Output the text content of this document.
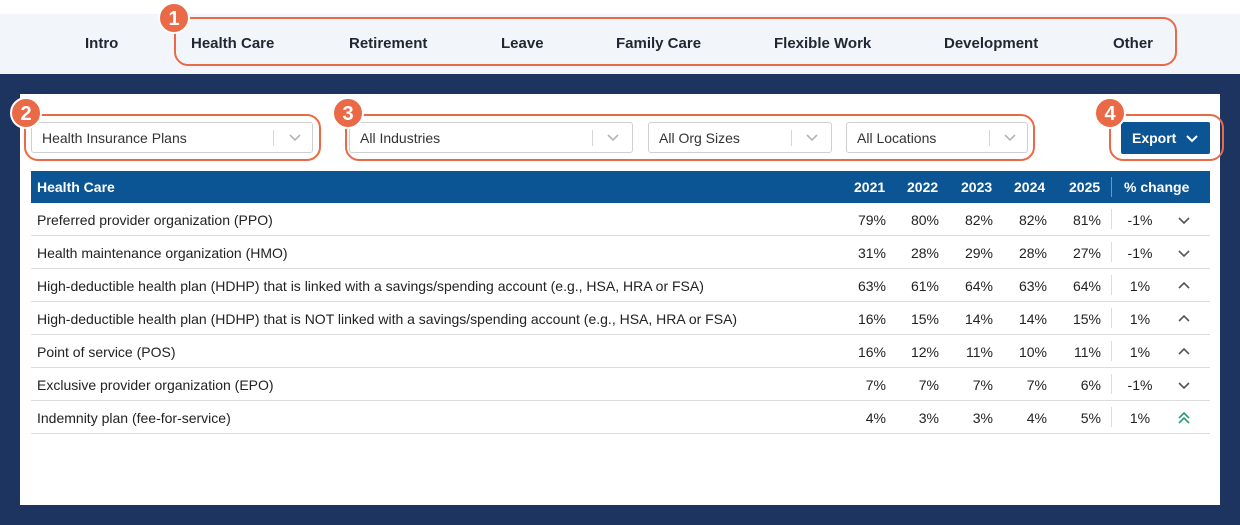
Intro	Health Care	Retirement	Leave	Family Care	Flexible Work	Development	Other
Health Insurance Plans	All Industries	All Org Sizes	All Locations	Export
Health Care	2021 2022 2023 2024 2025 % change
Preferred provider organization (PPO)	79%	80%	82%	82%	81%	-1%
Health maintenance organization (HMO)	31%	28%	29%	28%	27%	-1%
High-deductible health plan (HDHP) that is linked with a savings/spending account (e.g., HSA, HRA or FSA)	63%	61%	64%	63%	64%	1%
High-deductible health plan (HDHP) that is NOT linked with a savings/spending account (e.g., HSA, HRA or FSA)	16%	15%	14%	14%	15%	1%
Point of service (POS)	16%	12%	11%	10%	11%	1%
Exclusive provider organization (EPO)	7%	7%	7%	7%	6%	-1%
Indemnity plan (fee-for-service)	4%	3%	3%	4%	5%	1%
1
2	3	4
